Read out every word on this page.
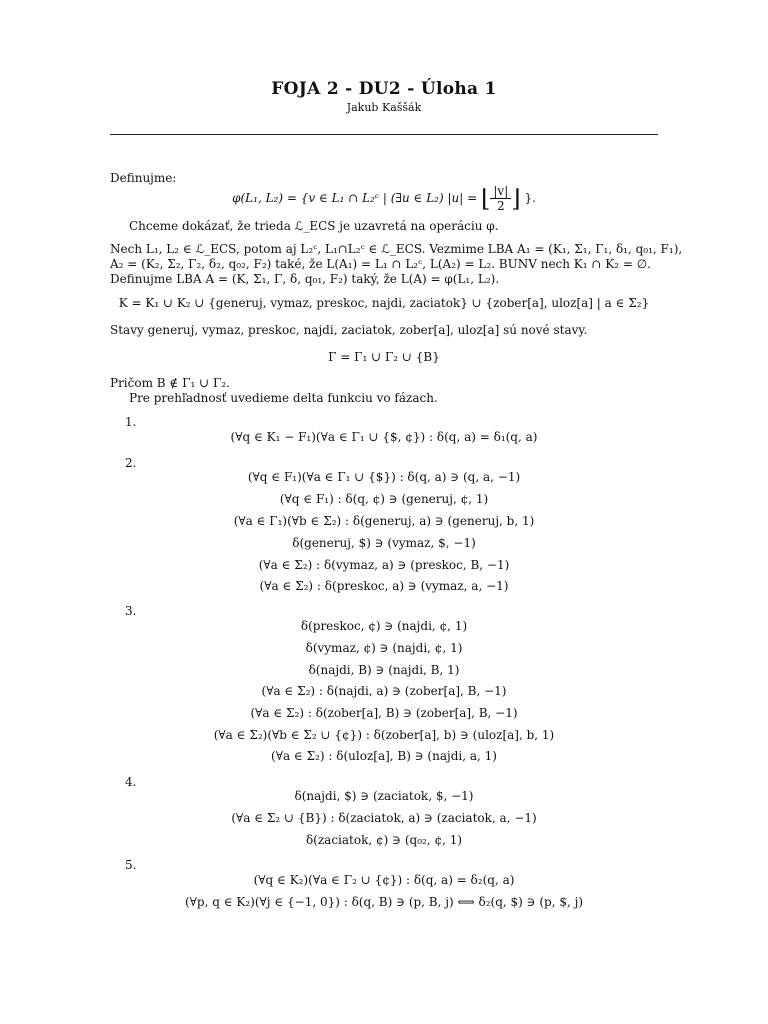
FOJA 2 - DU2 - Úloha 1
Jakub Kaššák
Definujme:
φ(L₁, L₂) = {v ∈ L₁ ∩ L₂ᶜ | (∃u ∈ L₂) |u| = ⌊ $\frac{|v|}{2}$ ⌋ }.
Chceme dokázať, že trieda ℒ_ECS je uzavretá na operáciu φ.
Nech L₁, L₂ ∈ ℒ_ECS, potom aj L₂ᶜ, L₁∩L₂ᶜ ∈ ℒ_ECS. Vezmime LBA A₁ = (K₁, Σ₁, Γ₁, δ₁, q₀₁, F₁),
A₂ = (K₂, Σ₂, Γ₂, δ₂, q₀₂, F₂) také, že L(A₁) = L₁ ∩ L₂ᶜ, L(A₂) = L₂. BUNV nech K₁ ∩ K₂ = ∅.
Definujme LBA A = (K, Σ₁, Γ, δ, q₀₁, F₂) taký, že L(A) = φ(L₁, L₂).
K = K₁ ∪ K₂ ∪ {generuj, vymaz, preskoc, najdi, zaciatok} ∪ {zober[a], uloz[a] | a ∈ Σ₂}
Stavy generuj, vymaz, preskoc, najdi, zaciatok, zober[a], uloz[a] sú nové stavy.
Γ = Γ₁ ∪ Γ₂ ∪ {B}
Pričom B ∉ Γ₁ ∪ Γ₂.
Pre prehľadnosť uvedieme delta funkciu vo fázach.
1.
(∀q ∈ K₁ − F₁)(∀a ∈ Γ₁ ∪ {$, ¢}) : δ(q, a) = δ₁(q, a)
2.
(∀q ∈ F₁)(∀a ∈ Γ₁ ∪ {$}) : δ(q, a) ∋ (q, a, −1)
(∀q ∈ F₁) : δ(q, ¢) ∋ (generuj, ¢, 1)
(∀a ∈ Γ₁)(∀b ∈ Σ₂) : δ(generuj, a) ∋ (generuj, b, 1)
δ(generuj, $) ∋ (vymaz, $, −1)
(∀a ∈ Σ₂) : δ(vymaz, a) ∋ (preskoc, B, −1)
(∀a ∈ Σ₂) : δ(preskoc, a) ∋ (vymaz, a, −1)
3.
δ(preskoc, ¢) ∋ (najdi, ¢, 1)
δ(vymaz, ¢) ∋ (najdi, ¢, 1)
δ(najdi, B) ∋ (najdi, B, 1)
(∀a ∈ Σ₂) : δ(najdi, a) ∋ (zober[a], B, −1)
(∀a ∈ Σ₂) : δ(zober[a], B) ∋ (zober[a], B, −1)
(∀a ∈ Σ₂)(∀b ∈ Σ₂ ∪ {¢}) : δ(zober[a], b) ∋ (uloz[a], b, 1)
(∀a ∈ Σ₂) : δ(uloz[a], B) ∋ (najdi, a, 1)
4.
δ(najdi, $) ∋ (zaciatok, $, −1)
(∀a ∈ Σ₂ ∪ {B}) : δ(zaciatok, a) ∋ (zaciatok, a, −1)
δ(zaciatok, ¢) ∋ (q₀₂, ¢, 1)
5.
(∀q ∈ K₂)(∀a ∈ Γ₂ ∪ {¢}) : δ(q, a) = δ₂(q, a)
(∀p, q ∈ K₂)(∀j ∈ {−1, 0}) : δ(q, B) ∋ (p, B, j) ⟺ δ₂(q, $) ∋ (p, $, j)
